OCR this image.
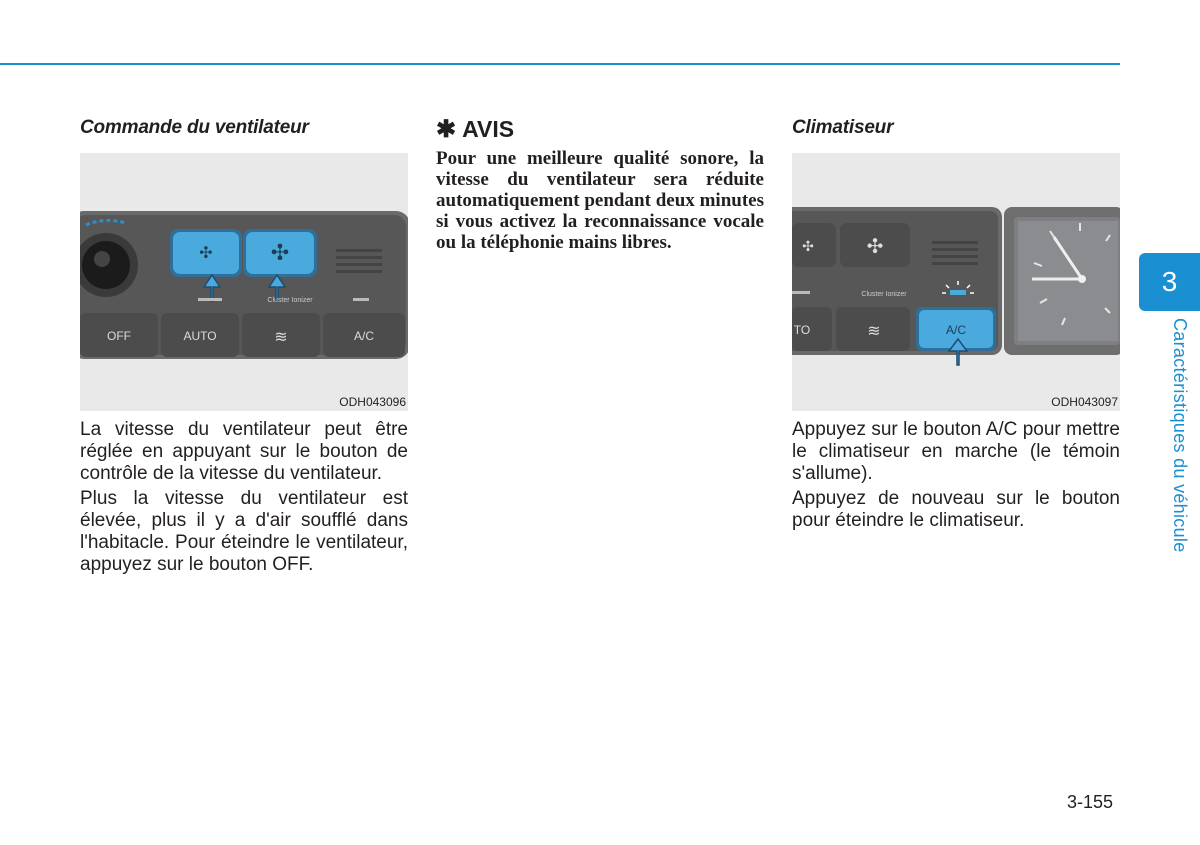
Commande du ventilateur
✣	✣
Cluster Ionizer
OFF	AUTO	≋	A/C
ODH043096

La vitesse du ventilateur peut être réglée en appuyant sur le bouton de contrôle de la vitesse du ventilateur.

Plus la vitesse du ventilateur est élevée, plus il y a d'air soufflé dans l'habitacle. Pour éteindre le ventilateur, appuyez sur le bouton OFF.

✱ AVIS

Pour une meilleure qualité sonore, la vitesse du ventilateur sera réduite automatiquement pendant deux minutes si vous activez la reconnaissance vocale ou la téléphonie mains libres.

Climatiseur
✣	✣
Cluster Ionizer
TO	≋	A/C
ODH043097

Appuyez sur le bouton A/C pour mettre le climatiseur en marche (le témoin s'allume).

Appuyez de nouveau sur le bouton pour éteindre le climatiseur.

3
Caractéristiques du véhicule
3-155
